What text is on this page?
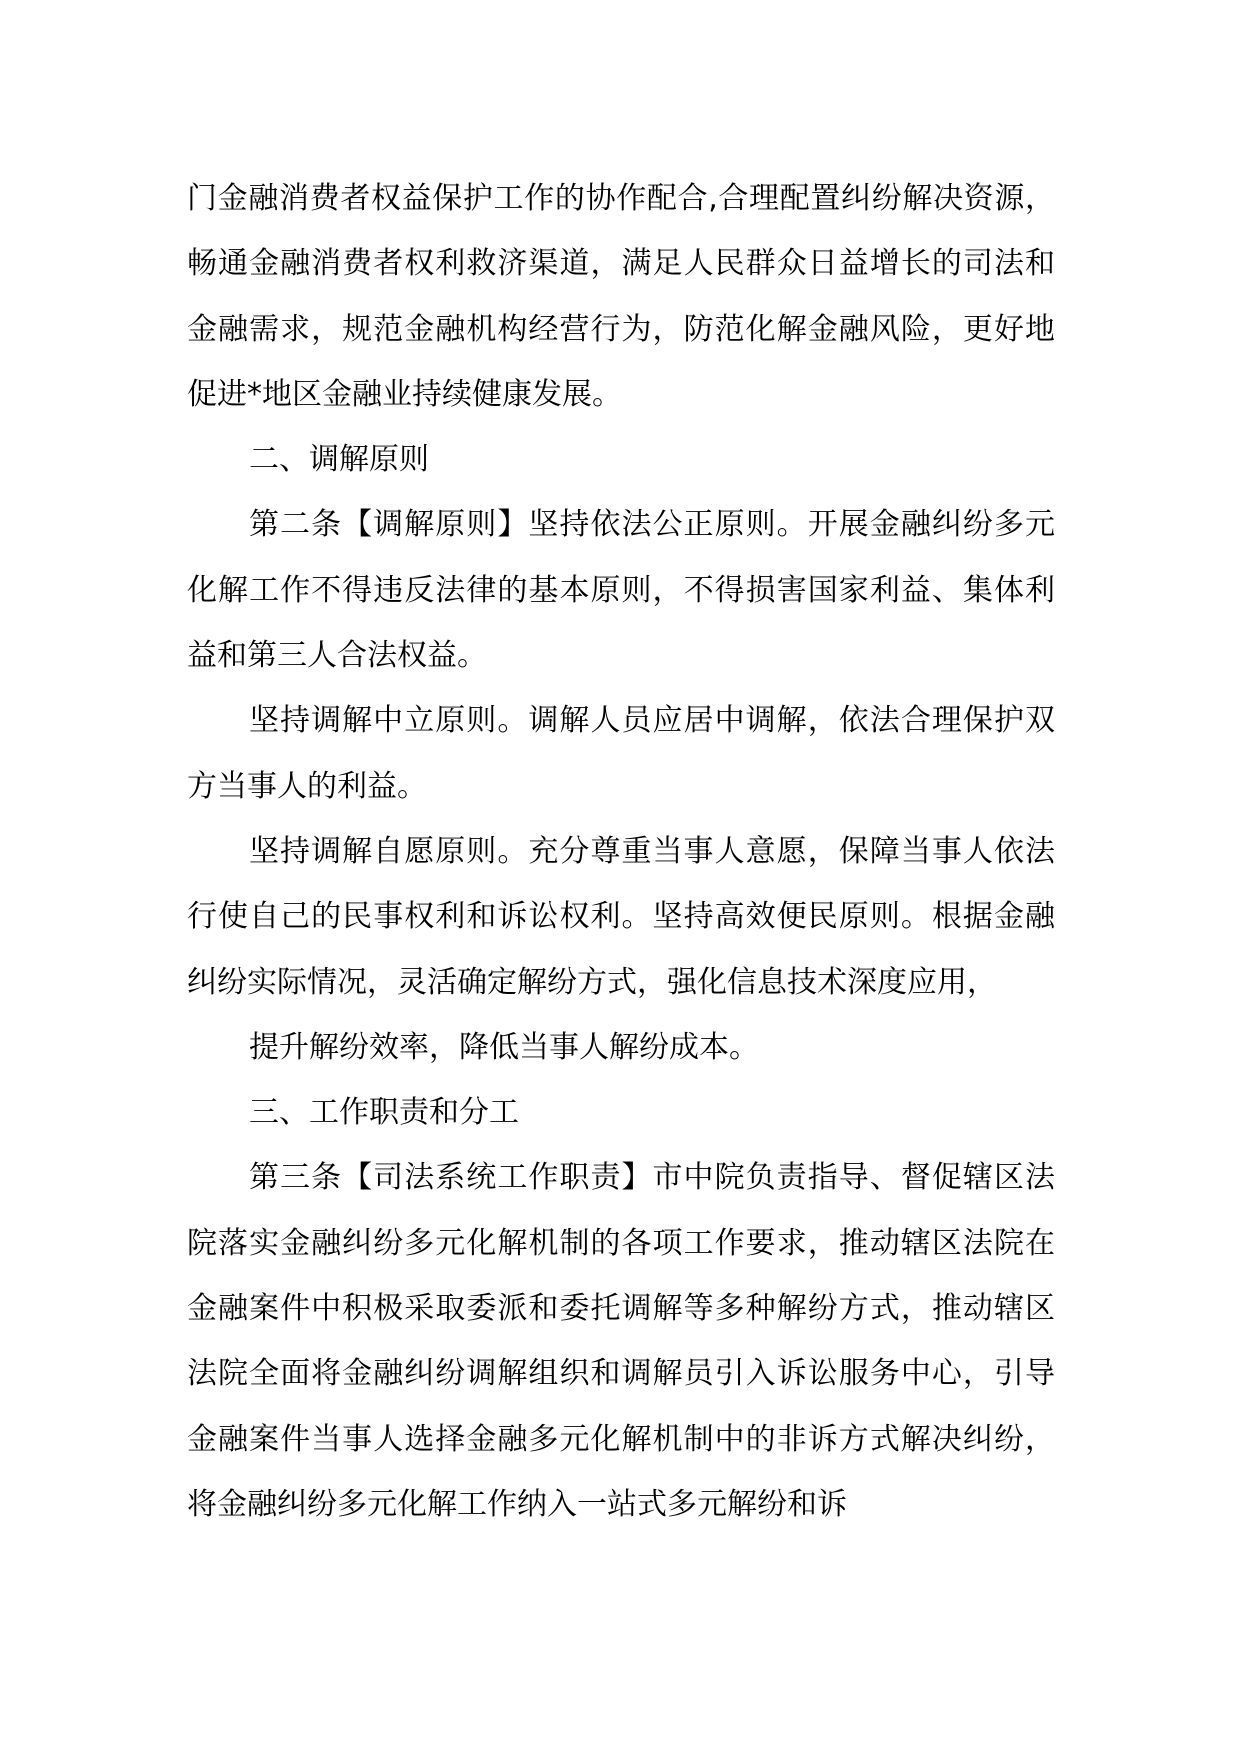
门金融消费者权益保护工作的协作配合,合理配置纠纷解决资源，畅通金融消费者权利救济渠道，满足人民群众日益增长的司法和金融需求，规范金融机构经营行为，防范化解金融风险，更好地促进*地区金融业持续健康发展。

二、调解原则

第二条【调解原则】坚持依法公正原则。开展金融纠纷多元化解工作不得违反法律的基本原则，不得损害国家利益、集体利益和第三人合法权益。

坚持调解中立原则。调解人员应居中调解，依法合理保护双方当事人的利益。

坚持调解自愿原则。充分尊重当事人意愿，保障当事人依法行使自己的民事权利和诉讼权利。坚持高效便民原则。根据金融纠纷实际情况，灵活确定解纷方式，强化信息技术深度应用，

提升解纷效率，降低当事人解纷成本。

三、工作职责和分工

第三条【司法系统工作职责】市中院负责指导、督促辖区法院落实金融纠纷多元化解机制的各项工作要求，推动辖区法院在金融案件中积极采取委派和委托调解等多种解纷方式，推动辖区法院全面将金融纠纷调解组织和调解员引入诉讼服务中心，引导金融案件当事人选择金融多元化解机制中的非诉方式解决纠纷，将金融纠纷多元化解工作纳入一站式多元解纷和诉
